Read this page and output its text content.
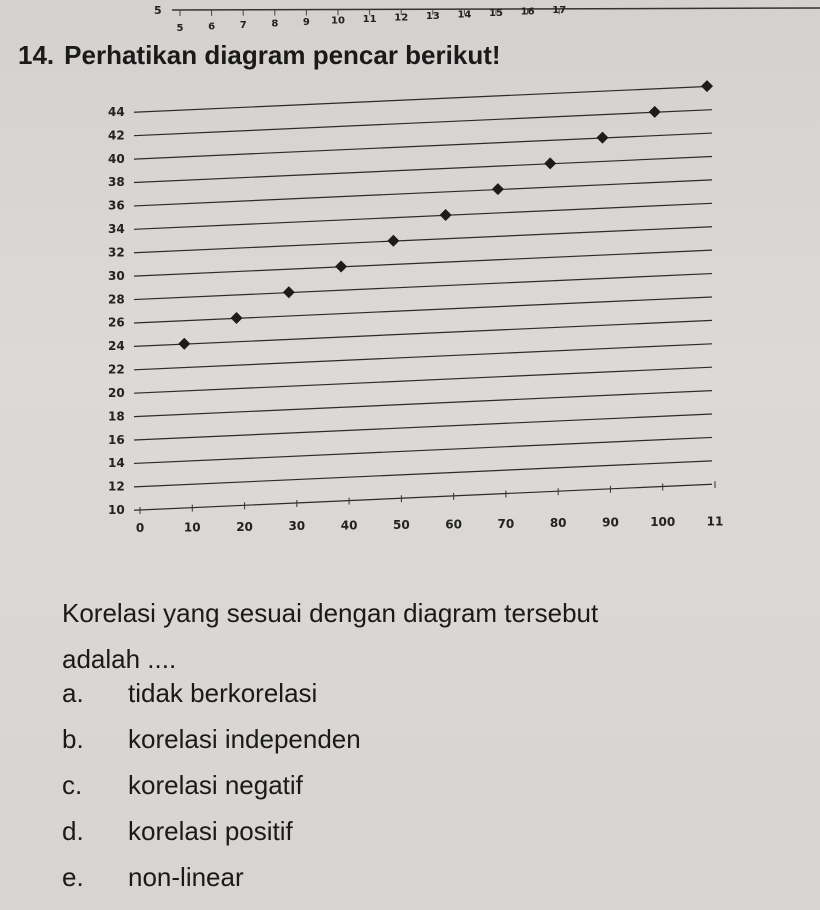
5
5 6 7 8 9 10 11 12 13 14 15 16 17
14. Perhatikan diagram pencar berikut!
10
12
14
16
18
20
22
24
26
28
30
32
34
36
38
40
42
44
0	10	20	30	40	50	60	70	80	90	100	11
Korelasi yang sesuai dengan diagram tersebut
adalah ....
a.	tidak berkorelasi
b.	korelasi independen
c.	korelasi negatif
d.	korelasi positif
e.	non-linear
